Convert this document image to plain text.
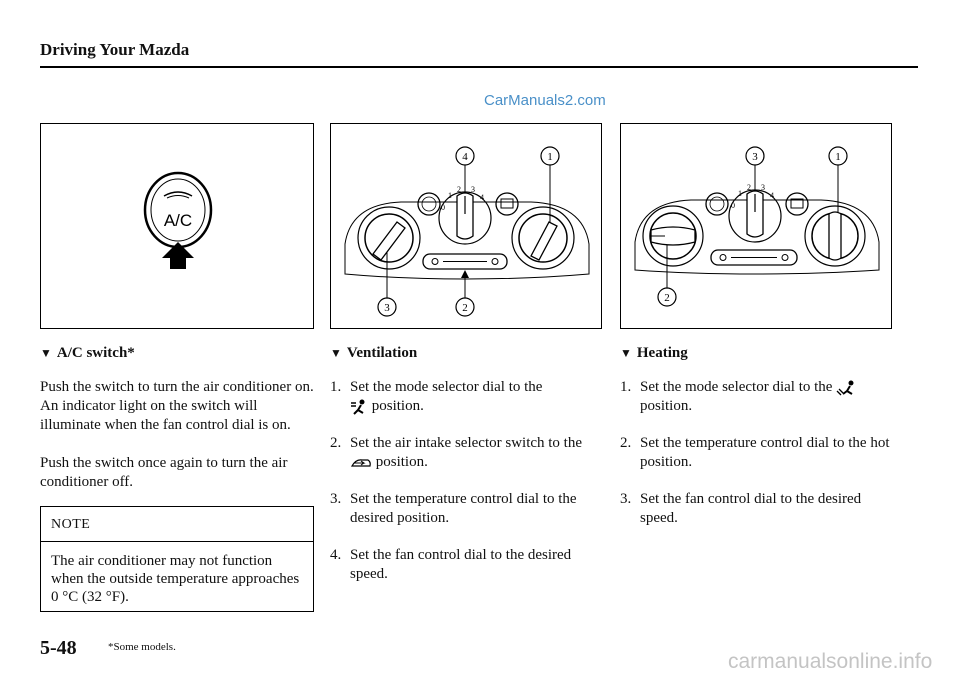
Driving Your Mazda
CarManuals2.com
A/C
4	1
3	2
0
1
2 3
4
3	1
2
0
1
2 3
4
▼ A/C switch*
Push the switch to turn the air conditioner on. An indicator light on the switch will illuminate when the fan control dial is on.
Push the switch once again to turn the air conditioner off.
NOTE
The air conditioner may not function when the outside temperature approaches 0 °C (32 °F).
▼ Ventilation
1. Set the mode selector dial to the
position.
2. Set the air intake selector switch to the
position.
3. Set the temperature control dial to the desired position.
4. Set the fan control dial to the desired speed.
▼ Heating
1. Set the mode selector dial to the
position.
2. Set the temperature control dial to the hot position.
3. Set the fan control dial to the desired speed.
5-48	*Some models.
carmanualsonline.info
